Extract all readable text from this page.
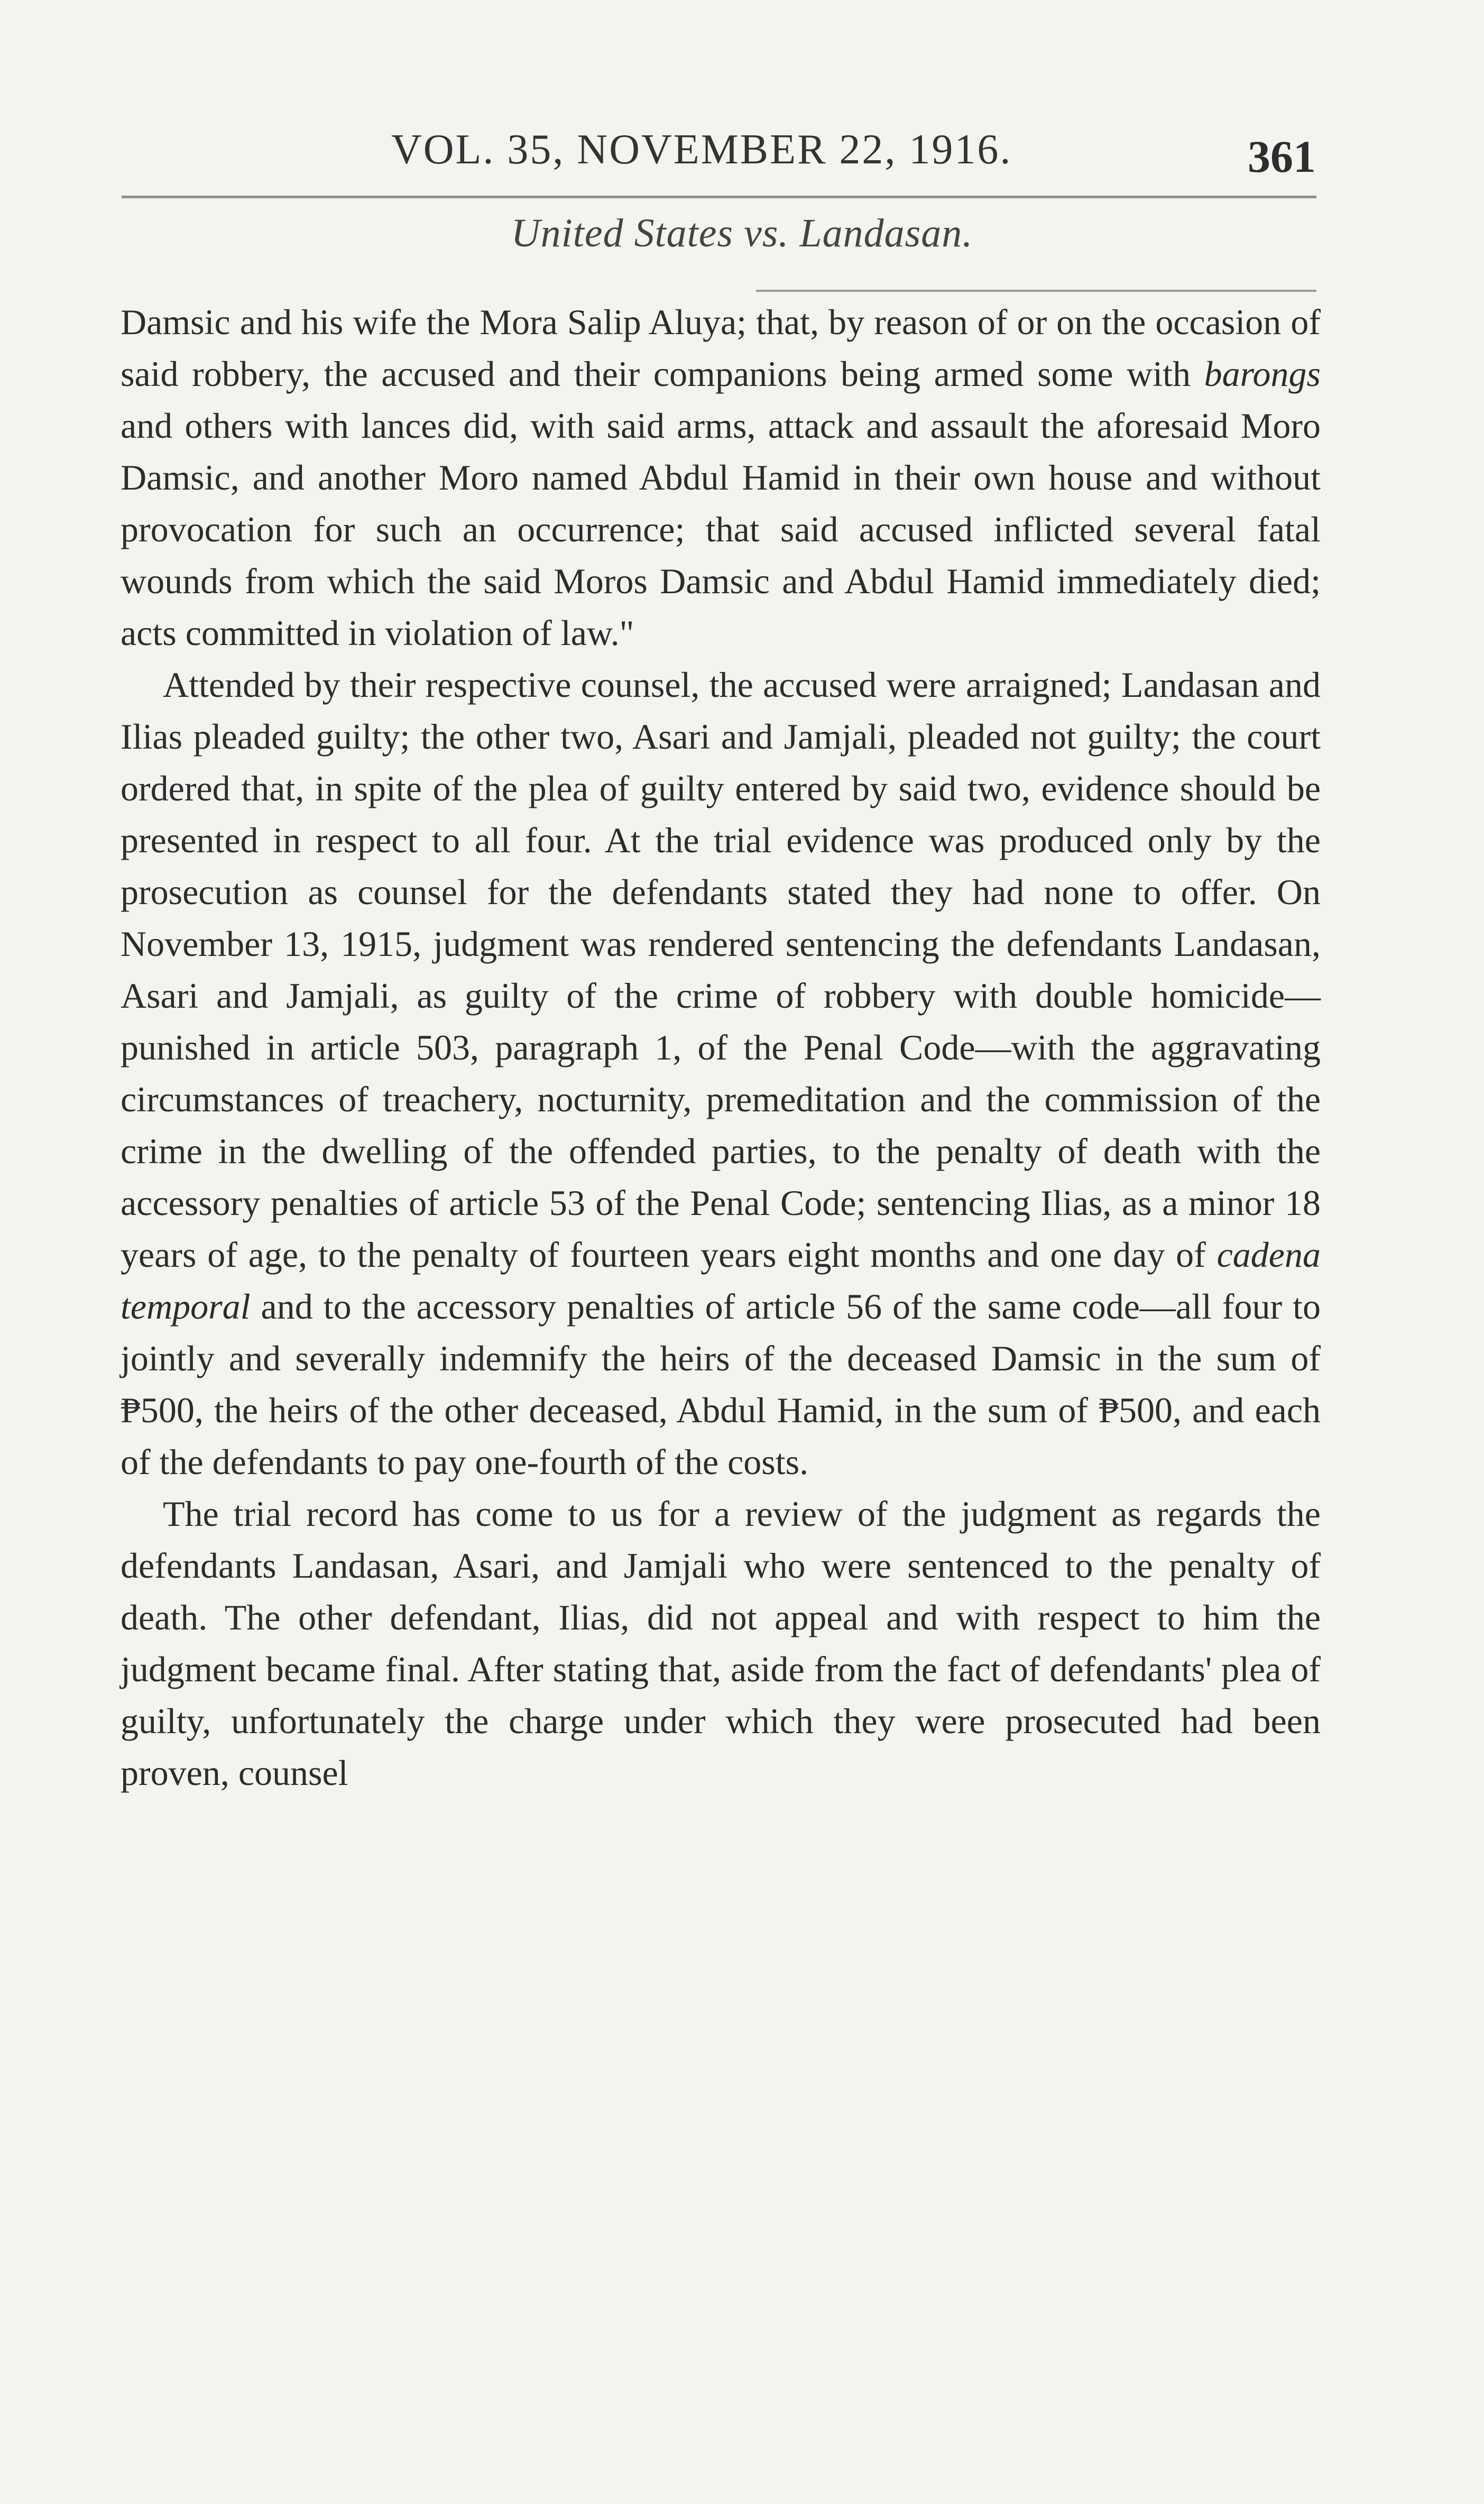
VOL. 35, NOVEMBER 22, 1916.	361
United States vs. Landasan.

Damsic and his wife the Mora Salip Aluya; that, by reason of or on the occasion of said robbery, the accused and their companions being armed some with barongs and others with lances did, with said arms, attack and assault the aforesaid Moro Damsic, and another Moro named Abdul Hamid in their own house and without provocation for such an occurrence; that said accused inflicted several fatal wounds from which the said Moros Damsic and Abdul Hamid immediately died; acts committed in violation of law."

Attended by their respective counsel, the accused were arraigned; Landasan and Ilias pleaded guilty; the other two, Asari and Jamjali, pleaded not guilty; the court ordered that, in spite of the plea of guilty entered by said two, evidence should be presented in respect to all four. At the trial evidence was produced only by the prosecution as counsel for the defendants stated they had none to offer. On November 13, 1915, judgment was rendered sentencing the defendants Landasan, Asari and Jamjali, as guilty of the crime of robbery with double homicide—punished in article 503, paragraph 1, of the Penal Code—with the aggravating circumstances of treachery, nocturnity, premeditation and the commission of the crime in the dwelling of the offended parties, to the penalty of death with the accessory penalties of article 53 of the Penal Code; sentencing Ilias, as a minor 18 years of age, to the penalty of fourteen years eight months and one day of cadena temporal and to the accessory penalties of article 56 of the same code—all four to jointly and severally indemnify the heirs of the deceased Damsic in the sum of ₱500, the heirs of the other deceased, Abdul Hamid, in the sum of ₱500, and each of the defendants to pay one-fourth of the costs.

The trial record has come to us for a review of the judgment as regards the defendants Landasan, Asari, and Jamjali who were sentenced to the penalty of death. The other defendant, Ilias, did not appeal and with respect to him the judgment became final. After stating that, aside from the fact of defendants' plea of guilty, unfortunately the charge under which they were prosecuted had been proven, counsel
